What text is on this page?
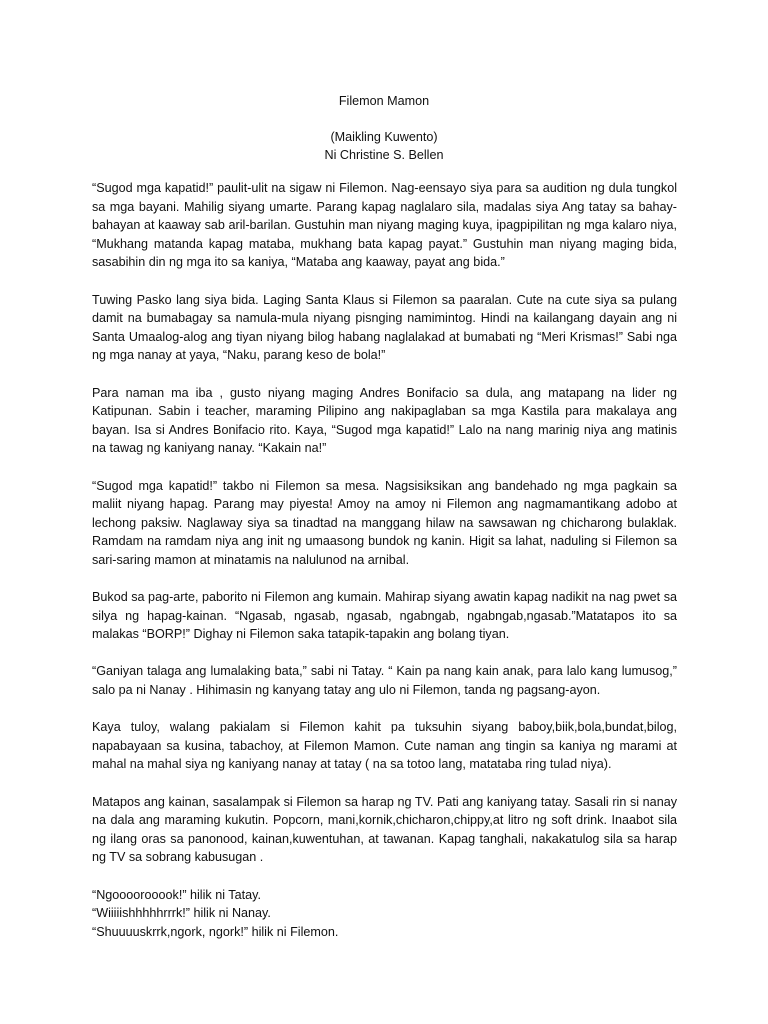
Filemon Mamon
(Maikling Kuwento)
Ni Christine S. Bellen

“Sugod mga kapatid!” paulit-ulit na sigaw ni Filemon. Nag-eensayo siya para sa audition ng dula tungkol sa mga bayani. Mahilig siyang umarte. Parang kapag naglalaro sila, madalas siya Ang tatay sa bahay-bahayan at kaaway sab aril-barilan. Gustuhin man niyang maging kuya, ipagpipilitan ng mga kalaro niya, “Mukhang matanda kapag mataba, mukhang bata kapag payat.” Gustuhin man niyang maging bida, sasabihin din ng mga ito sa kaniya, “Mataba ang kaaway, payat ang bida.”

Tuwing Pasko lang siya bida. Laging Santa Klaus si Filemon sa paaralan. Cute na cute siya sa pulang damit na bumabagay sa namula-mula niyang pisnging namimintog. Hindi na kailangang dayain ang ni Santa Umaalog-alog ang tiyan niyang bilog habang naglalakad at bumabati ng “Meri Krismas!” Sabi nga ng mga nanay at yaya, “Naku, parang keso de bola!”

Para naman ma iba , gusto niyang maging Andres Bonifacio sa dula, ang matapang na lider ng Katipunan. Sabin i teacher, maraming Pilipino ang nakipaglaban sa mga Kastila para makalaya ang bayan. Isa si Andres Bonifacio rito. Kaya, “Sugod mga kapatid!” Lalo na nang marinig niya ang matinis na tawag ng kaniyang nanay. “Kakain na!”

“Sugod mga kapatid!” takbo ni Filemon sa mesa. Nagsisiksikan ang bandehado ng mga pagkain sa maliit niyang hapag. Parang may piyesta! Amoy na amoy ni Filemon ang nagmamantikang adobo at lechong paksiw. Naglaway siya sa tinadtad na manggang hilaw na sawsawan ng chicharong bulaklak. Ramdam na ramdam niya ang init ng umaasong bundok ng kanin. Higit sa lahat, naduling si Filemon sa sari-saring mamon at minatamis na nalulunod na arnibal.

Bukod sa pag-arte, paborito ni Filemon ang kumain. Mahirap siyang awatin kapag nadikit na nag pwet sa silya ng hapag-kainan. “Ngasab, ngasab, ngasab, ngabngab, ngabngab,ngasab.”Matatapos ito sa malakas “BORP!” Dighay ni Filemon saka tatapik-tapakin ang bolang tiyan.

“Ganiyan talaga ang lumalaking bata,” sabi ni Tatay. “ Kain pa nang kain anak, para lalo kang lumusog,” salo pa ni Nanay . Hihimasin ng kanyang tatay ang ulo ni Filemon, tanda ng pagsang-ayon.

Kaya tuloy, walang pakialam si Filemon kahit pa tuksuhin siyang baboy,biik,bola,bundat,bilog, napabayaan sa kusina, tabachoy, at Filemon Mamon. Cute naman ang tingin sa kaniya ng marami at mahal na mahal siya ng kaniyang nanay at tatay ( na sa totoo lang, matataba ring tulad niya).

Matapos ang kainan, sasalampak si Filemon sa harap ng TV. Pati ang kaniyang tatay. Sasali rin si nanay na dala ang maraming kukutin. Popcorn, mani,kornik,chicharon,chippy,at litro ng soft drink. Inaabot sila ng ilang oras sa panonood, kainan,kuwentuhan, at tawanan. Kapag tanghali, nakakatulog sila sa harap ng TV sa sobrang kabusugan .

“Ngoooorooook!” hilik ni Tatay.
“Wiiiiishhhhhrrrk!” hilik ni Nanay.
“Shuuuuskrrk,ngork, ngork!” hilik ni Filemon.
